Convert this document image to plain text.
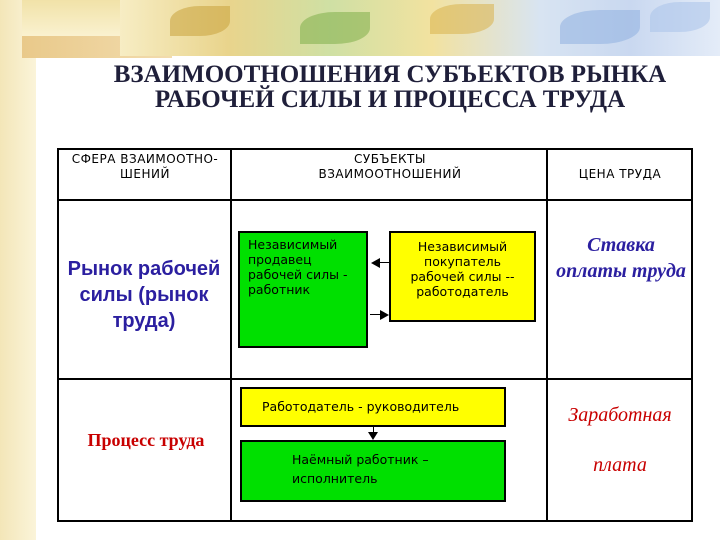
ВЗАИМООТНОШЕНИЯ СУБЪЕКТОВ РЫНКА РАБОЧЕЙ СИЛЫ И ПРОЦЕССА ТРУДА
СФЕРА ВЗАИМООТНО-ШЕНИЙ
СУБЪЕКТЫ ВЗАИМООТНОШЕНИЙ	ЦЕНА ТРУДА
Рынок рабочей силы (рынок труда)
Независимый продавец рабочей силы - работник
Независимый покупатель рабочей силы -- работодатель
Ставка оплаты труда
Процесс труда
Работодатель - руководитель
Наёмный работник – исполнитель
Заработная
плата
